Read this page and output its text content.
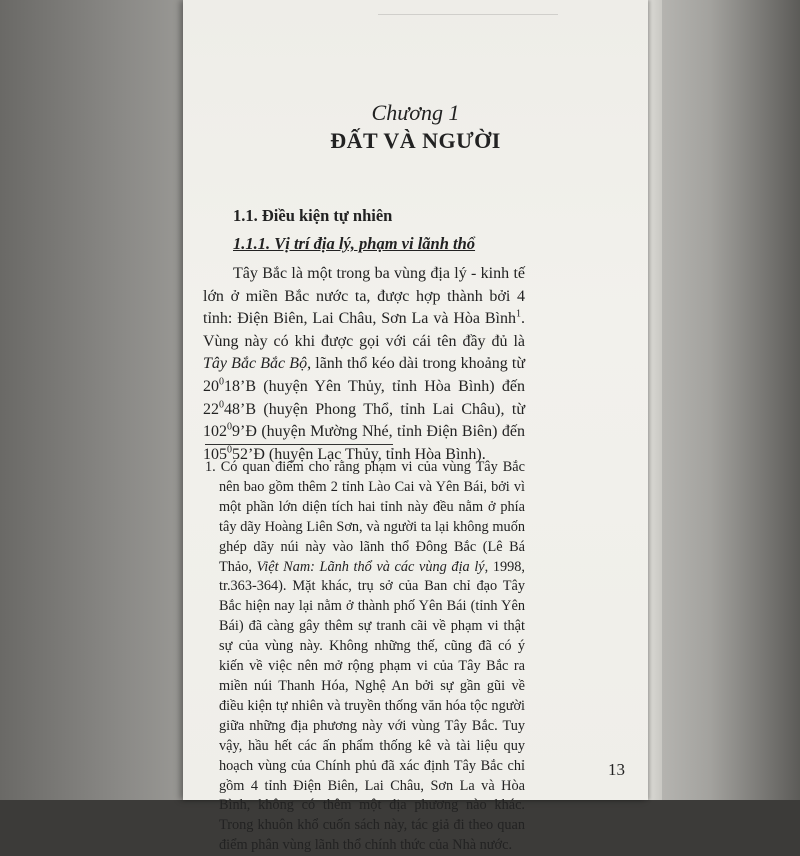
Chương 1
ĐẤT VÀ NGƯỜI
1.1. Điều kiện tự nhiên
1.1.1. Vị trí địa lý, phạm vi lãnh thổ

Tây Bắc là một trong ba vùng địa lý - kinh tế lớn ở miền Bắc nước ta, được hợp thành bởi 4 tỉnh: Điện Biên, Lai Châu, Sơn La và Hòa Bình$^1$. Vùng này có khi được gọi với cái tên đầy đủ là Tây Bắc Bắc Bộ, lãnh thổ kéo dài trong khoảng từ $20^018’B$ (huyện Yên Thủy, tỉnh Hòa Bình) đến $22^048’B$ (huyện Phong Thổ, tỉnh Lai Châu), từ $102^09’Đ$ (huyện Mường Nhé, tỉnh Điện Biên) đến $105^052’Đ$ (huyện Lạc Thủy, tỉnh Hòa Bình).

1. Có quan điểm cho rằng phạm vi của vùng Tây Bắc nên bao gồm thêm 2 tỉnh Lào Cai và Yên Bái, bởi vì một phần lớn diện tích hai tỉnh này đều nằm ở phía tây dãy Hoàng Liên Sơn, và người ta lại không muốn ghép dãy núi này vào lãnh thổ Đông Bắc (Lê Bá Thảo, Việt Nam: Lãnh thổ và các vùng địa lý, 1998, tr.363-364). Mặt khác, trụ sở của Ban chỉ đạo Tây Bắc hiện nay lại nằm ở thành phố Yên Bái (tỉnh Yên Bái) đã càng gây thêm sự tranh cãi về phạm vi thật sự của vùng này. Không những thế, cũng đã có ý kiến về việc nên mở rộng phạm vi của Tây Bắc ra miền núi Thanh Hóa, Nghệ An bởi sự gần gũi về điều kiện tự nhiên và truyền thống văn hóa tộc người giữa những địa phương này với vùng Tây Bắc. Tuy vậy, hầu hết các ấn phẩm thống kê và tài liệu quy hoạch vùng của Chính phủ đã xác định Tây Bắc chỉ gồm 4 tỉnh Điện Biên, Lai Châu, Sơn La và Hòa Bình, không có thêm một địa phương nào khác. Trong khuôn khổ cuốn sách này, tác giả đi theo quan điểm phân vùng lãnh thổ chính thức của Nhà nước.

13
